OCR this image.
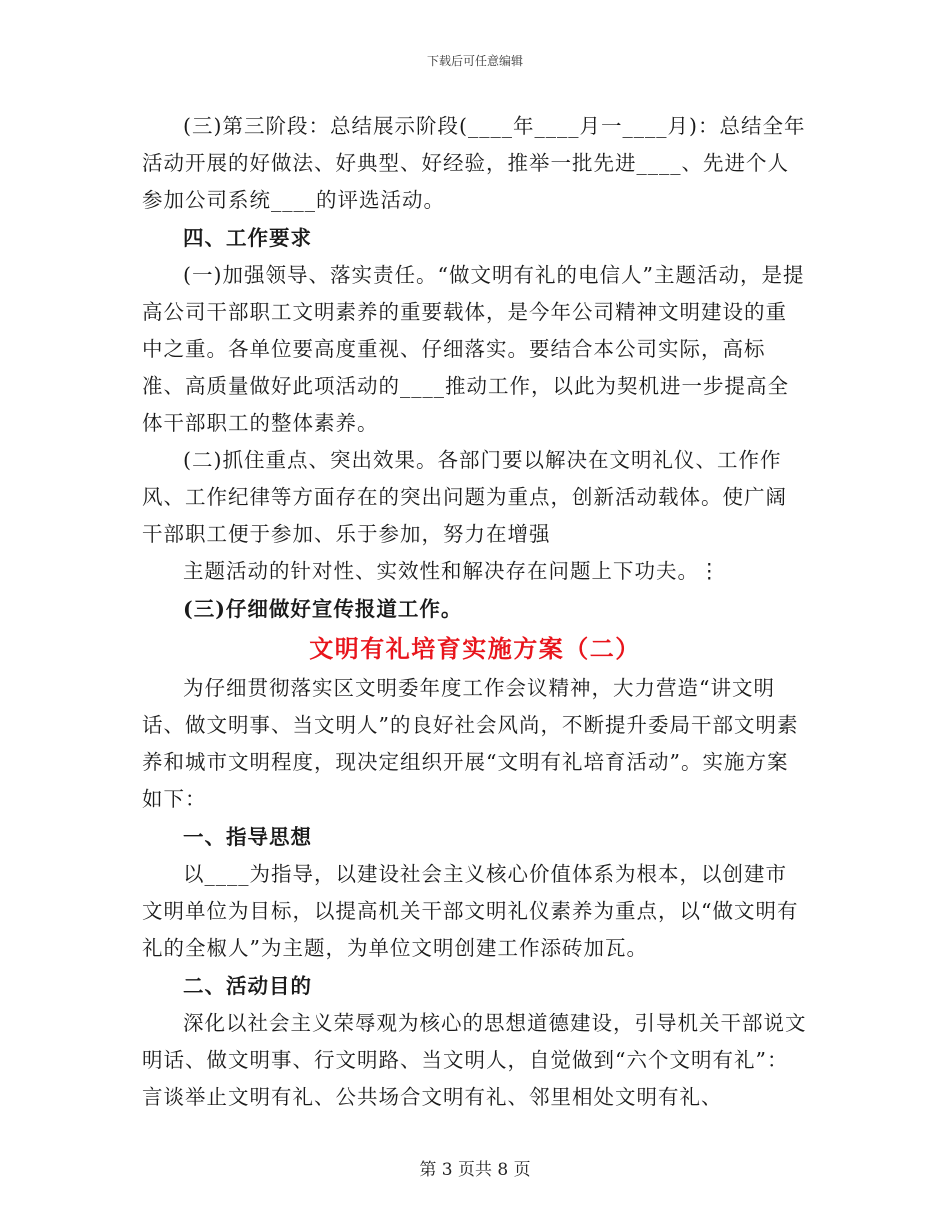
下载后可任意编辑

(三)第三阶段：总结展示阶段(____年____月一____月)：总结全年活动开展的好做法、好典型、好经验，推举一批先进____、先进个人参加公司系统____的评选活动。

四、工作要求

(一)加强领导、落实责任。“做文明有礼的电信人”主题活动，是提高公司干部职工文明素养的重要载体，是今年公司精神文明建设的重中之重。各单位要高度重视、仔细落实。要结合本公司实际，高标准、高质量做好此项活动的____推动工作，以此为契机进一步提高全体干部职工的整体素养。

(二)抓住重点、突出效果。各部门要以解决在文明礼仪、工作作风、工作纪律等方面存在的突出问题为重点，创新活动载体。使广阔干部职工便于参加、乐于参加，努力在增强

主题活动的针对性、实效性和解决存在问题上下功夫。⋮

(三)仔细做好宣传报道工作。

文明有礼培育实施方案（二）

为仔细贯彻落实区文明委年度工作会议精神，大力营造“讲文明话、做文明事、当文明人”的良好社会风尚，不断提升委局干部文明素养和城市文明程度，现决定组织开展“文明有礼培育活动”。实施方案如下：

一、指导思想

以____为指导，以建设社会主义核心价值体系为根本，以创建市文明单位为目标，以提高机关干部文明礼仪素养为重点，以“做文明有礼的全椒人”为主题，为单位文明创建工作添砖加瓦。

二、活动目的

深化以社会主义荣辱观为核心的思想道德建设，引导机关干部说文明话、做文明事、行文明路、当文明人，自觉做到“六个文明有礼”：言谈举止文明有礼、公共场合文明有礼、邻里相处文明有礼、

第 3 页共 8 页
